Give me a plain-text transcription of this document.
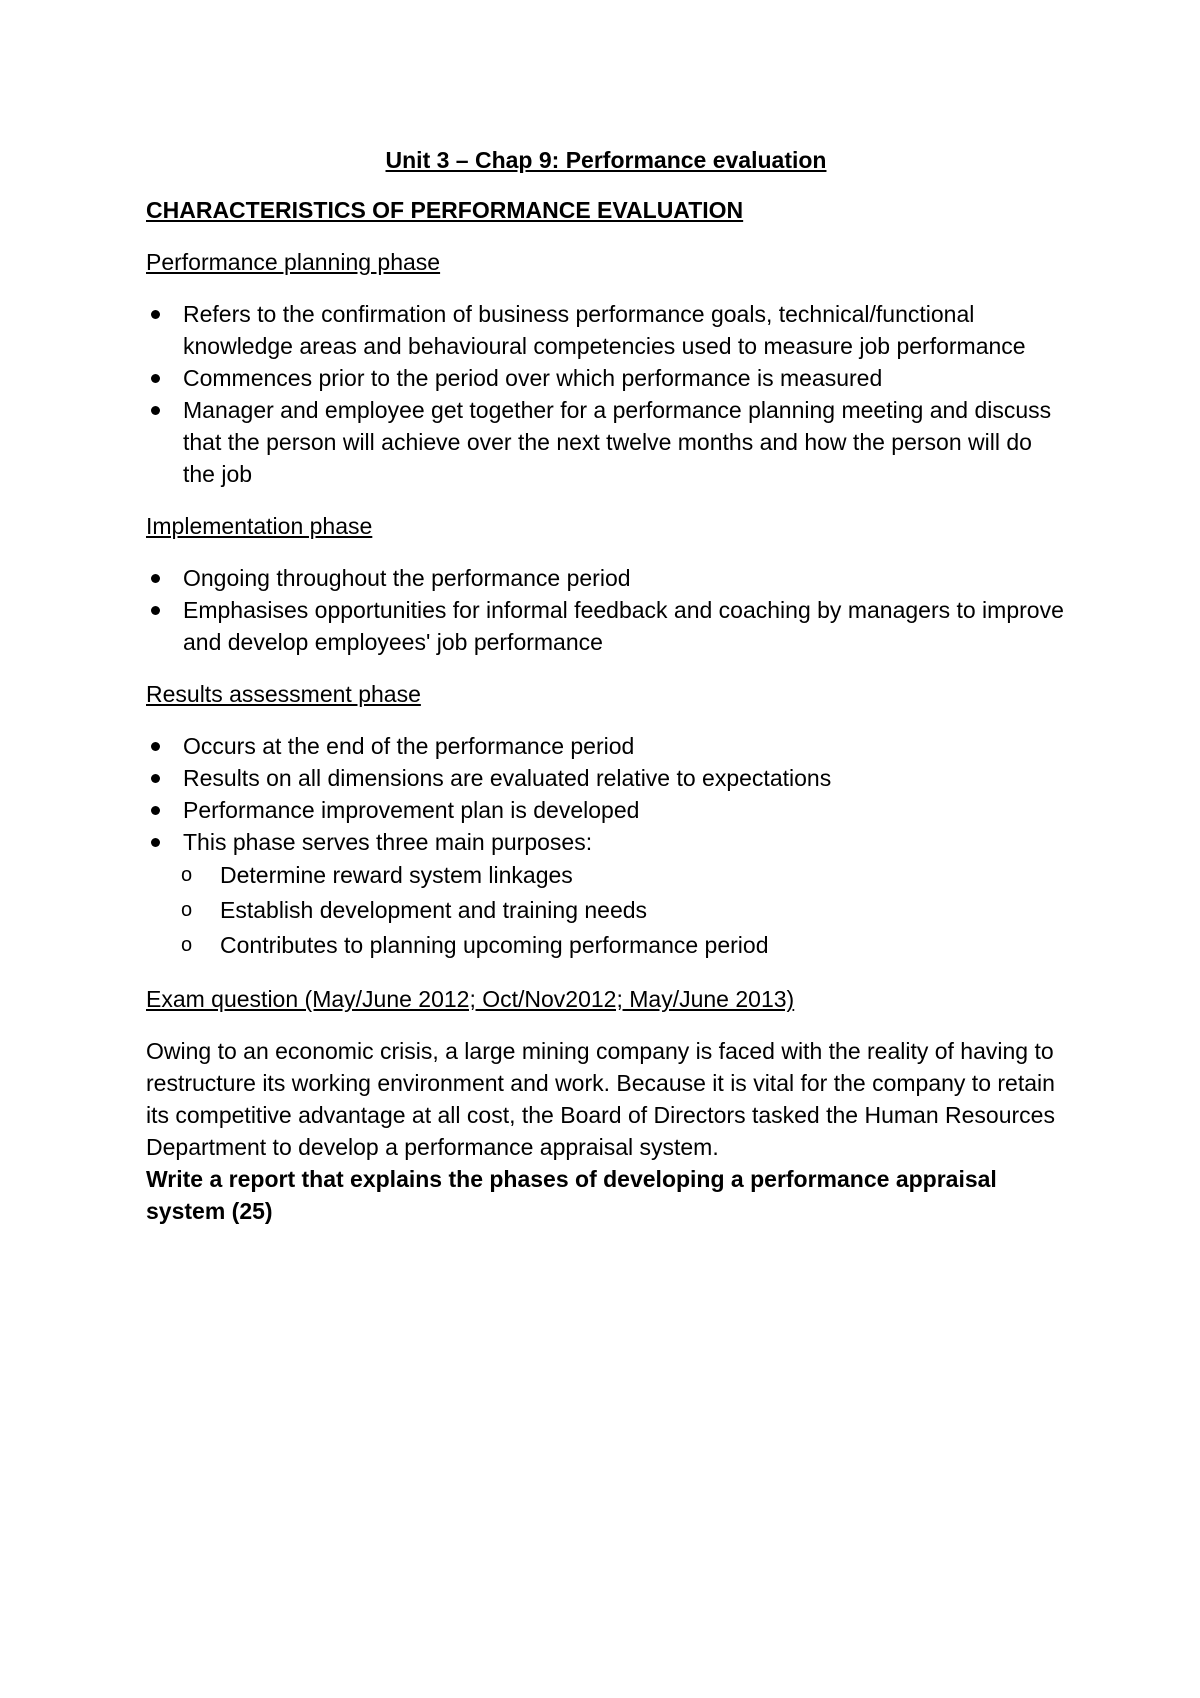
Unit 3 – Chap 9: Performance evaluation
CHARACTERISTICS OF PERFORMANCE EVALUATION
Performance planning phase
Refers to the confirmation of business performance goals, technical/functional knowledge areas and behavioural competencies used to measure job performance
Commences prior to the period over which performance is measured
Manager and employee get together for a performance planning meeting and discuss that the person will achieve over the next twelve months and how the person will do the job
Implementation phase
Ongoing throughout the performance period
Emphasises opportunities for informal feedback and coaching by managers to improve and develop employees' job performance
Results assessment phase
Occurs at the end of the performance period
Results on all dimensions are evaluated relative to expectations
Performance improvement plan is developed
This phase serves three main purposes:
o Determine reward system linkages
o Establish development and training needs
o Contributes to planning upcoming performance period
Exam question (May/June 2012; Oct/Nov2012; May/June 2013)

Owing to an economic crisis, a large mining company is faced with the reality of having to restructure its working environment and work. Because it is vital for the company to retain its competitive advantage at all cost, the Board of Directors tasked the Human Resources Department to develop a performance appraisal system.

Write a report that explains the phases of developing a performance appraisal system (25)
